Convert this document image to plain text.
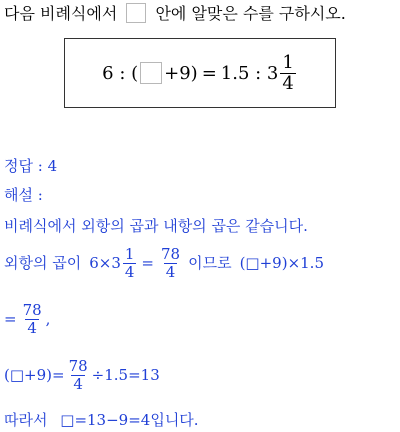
다음 비례식에서 안에 알맞은 수를 구하시오.
6 : ( +9) = 1.5 : $3 \frac{1}{4}$
정답 : 4
해설 :
비례식에서 외항의 곱과 내항의 곱은 같습니다.
외항의 곱이 $6\times 3 \frac{1}{4} = \frac{78}{4}$ 이므로 (□+9)×1.5
= $\frac{78}{4}$ ,
(□+9)= $\frac{78}{4} \div 1.5=13$
따라서 □=13−9=4입니다.
